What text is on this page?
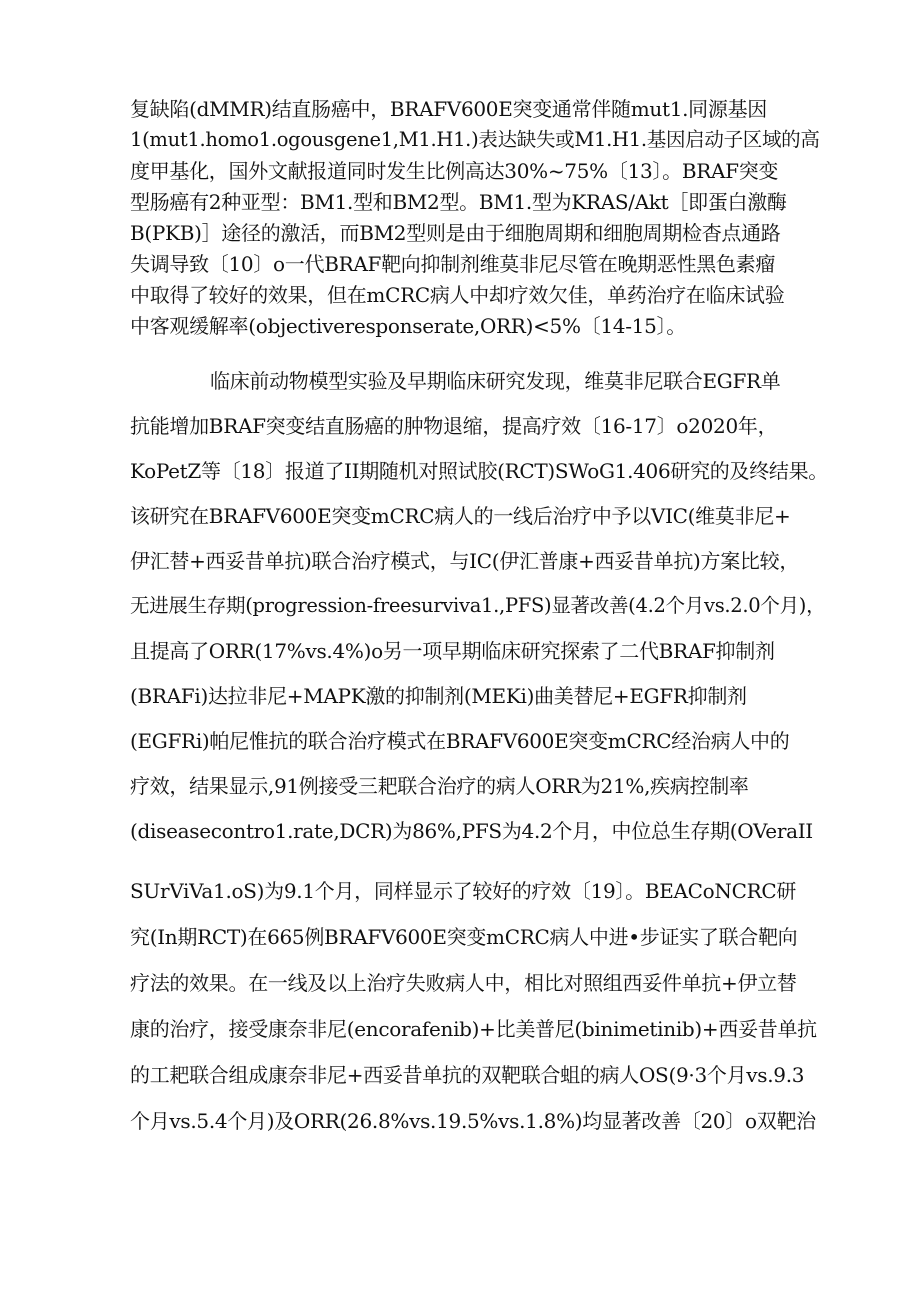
复缺陷(dMMR)结直肠癌中，BRAFV600E突变通常伴随mut1.同源基因
1(mut1.homo1.ogousgene1,M1.H1.)表达缺失或M1.H1.基因启动子区域的高
度甲基化，国外文献报道同时发生比例高达30%~75%〔13〕。BRAF突变
型肠癌有2种亚型：BM1.型和BM2型。BM1.型为KRAS/Akt［即蛋白激酶
B(PKB)］途径的激活，而BM2型则是由于细胞周期和细胞周期检杳点通路
失调导致〔10〕o一代BRAF靶向抑制剂维莫非尼尽管在晚期恶性黑色素瘤
中取得了较好的效果，但在mCRC病人中却疗效欠佳，单药治疗在临床试验
中客观缓解率(objectiveresponserate,ORR)<5%〔14-15〕。
临床前动物模型实验及早期临床研究发现，维莫非尼联合EGFR单
抗能增加BRAF突变结直肠癌的肿物退缩，提高疗效〔16-17〕o2020年，
KoPetZ等〔18〕报道了II期随机对照试胶(RCT)SWoG1.406研究的及终结果。
该研究在BRAFV600E突变mCRC病人的一线后治疗中予以VIC(维莫非尼+
伊汇替+西妥昔单抗)联合治疗模式，与IC(伊汇普康+西妥昔单抗)方案比较，
无进展生存期(progression-freesurviva1.,PFS)显著改善(4.2个月vs.2.0个月)，
且提高了ORR(17%vs.4%)o另一项早期临床研究探索了二代BRAF抑制剂
(BRAFi)达拉非尼+MAPK激的抑制剂(MEKi)曲美替尼+EGFR抑制剂
(EGFRi)帕尼惟抗的联合治疗模式在BRAFV600E突变mCRC经治病人中的
疗效，结果显示,91例接受三耙联合治疗的病人ORR为21%,疾病控制率
(diseasecontro1.rate,DCR)为86%,PFS为4.2个月，中位总生存期(OVeraII
SUrViVa1.oS)为9.1个月，同样显示了较好的疗效〔19〕。BEACoNCRC研
究(In期RCT)在665例BRAFV600E突变mCRC病人中进•步证实了联合靶向
疗法的效果。在一线及以上治疗失败病人中，相比对照组西妥件单抗+伊立替
康的治疗，接受康奈非尼(encorafenib)+比美普尼(binimetinib)+西妥昔单抗
的工耙联合组成康奈非尼+西妥昔单抗的双靶联合蛆的病人OS(9·3个月vs.9.3
个月vs.5.4个月)及ORR(26.8%vs.19.5%vs.1.8%)均显著改善〔20〕o双靶治
